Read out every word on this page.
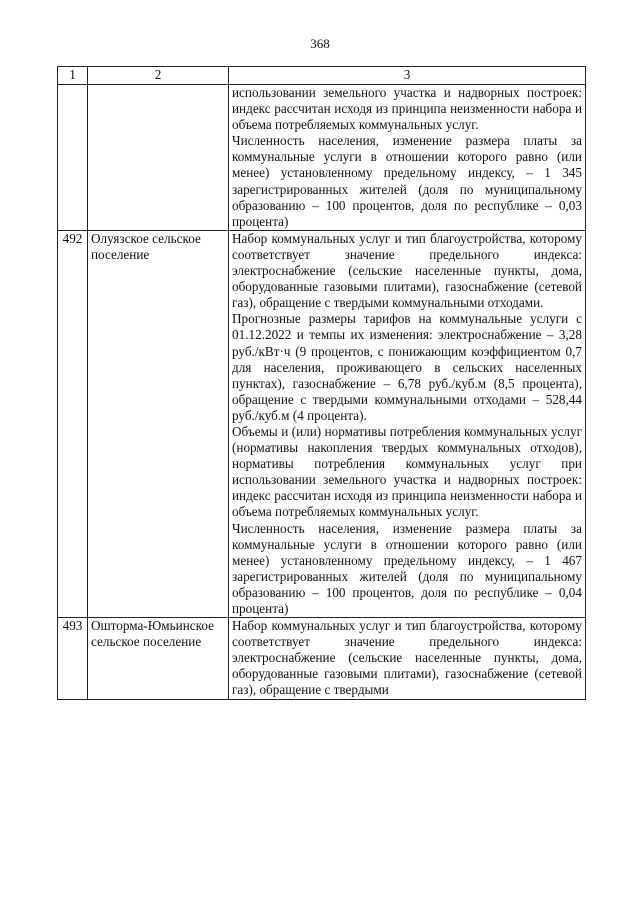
368
1	2	3

		использовании земельного участка и надворных построек: индекс рассчитан исходя из принципа неизменности набора и объема потребляемых коммунальных услуг.

Численность населения, изменение размера платы за коммунальные услуги в отношении которого равно (или менее) установленному предельному индексу, – 1 345 зарегистрированных жителей (доля по муниципальному образованию – 100 процентов, доля по республике – 0,03 процента)

492	Олуязское сельское поселение	Набор коммунальных услуг и тип благоустройства, которому соответствует значение предельного индекса: электроснабжение (сельские населенные пункты, дома, оборудованные газовыми плитами), газоснабжение (сетевой газ), обращение с твердыми коммунальными отходами.

Прогнозные размеры тарифов на коммунальные услуги с 01.12.2022 и темпы их изменения: электроснабжение – 3,28 руб./кВт·ч (9 процентов, с понижающим коэффициентом 0,7 для населения, проживающего в сельских населенных пунктах), газоснабжение – 6,78 руб./куб.м (8,5 процента), обращение с твердыми коммунальными отходами – 528,44 руб./куб.м (4 процента).

Объемы и (или) нормативы потребления коммунальных услуг (нормативы накопления твердых коммунальных отходов), нормативы потребления коммунальных услуг при использовании земельного участка и надворных построек: индекс рассчитан исходя из принципа неизменности набора и объема потребляемых коммунальных услуг.

Численность населения, изменение размера платы за коммунальные услуги в отношении которого равно (или менее) установленному предельному индексу, – 1 467 зарегистрированных жителей (доля по муниципальному образованию – 100 процентов, доля по республике – 0,04 процента)

493	Ошторма-Юмьинское сельское поселение	Набор коммунальных услуг и тип благоустройства, которому соответствует значение предельного индекса: электроснабжение (сельские населенные пункты, дома, оборудованные газовыми плитами), газоснабжение (сетевой газ), обращение с твердыми
